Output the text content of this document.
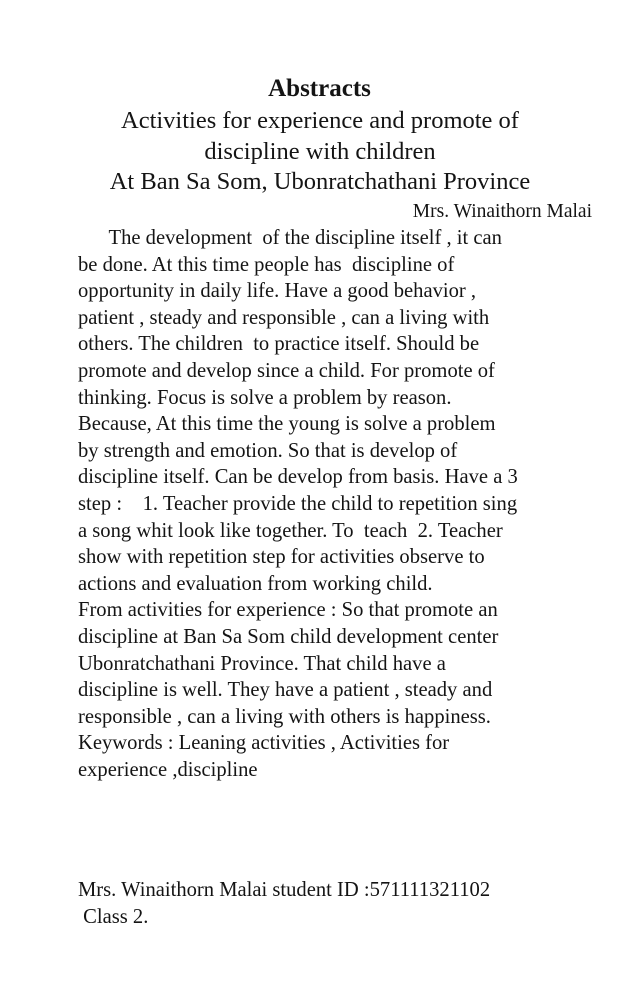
Abstracts
Activities for experience and promote of
discipline with children
At Ban Sa Som, Ubonratchathani Province
Mrs. Winaithorn Malai
The development  of the discipline itself , it can
be done. At this time people has  discipline of
opportunity in daily life. Have a good behavior ,
patient , steady and responsible , can a living with
others. The children  to practice itself. Should be
promote and develop since a child. For promote of
thinking. Focus is solve a problem by reason.
Because, At this time the young is solve a problem
by strength and emotion. So that is develop of
discipline itself. Can be develop from basis. Have a 3
step :    1. Teacher provide the child to repetition sing
a song whit look like together. To  teach  2. Teacher
show with repetition step for activities observe to
actions and evaluation from working child.
From activities for experience : So that promote an
discipline at Ban Sa Som child development center
Ubonratchathani Province. That child have a
discipline is well. They have a patient , steady and
responsible , can a living with others is happiness.
Keywords : Leaning activities , Activities for
experience ,discipline
Mrs. Winaithorn Malai student ID :571111321102
Class 2.
